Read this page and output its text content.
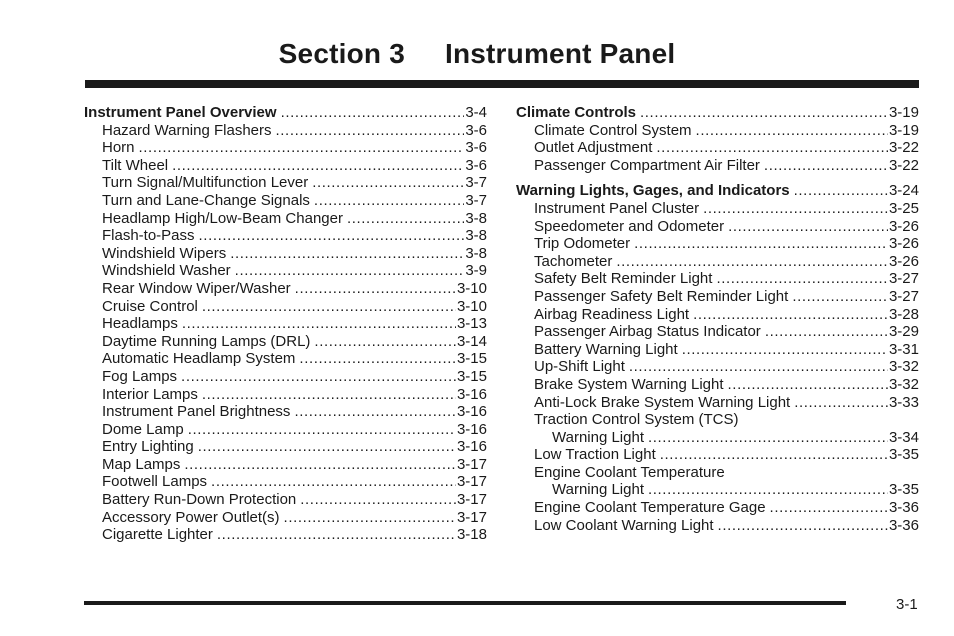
Section 3 Instrument Panel
Instrument Panel Overview .....	3-4
Hazard Warning Flashers .....	3-6
Horn .....	3-6
Tilt Wheel .....	3-6
Turn Signal/Multifunction Lever .....	3-7
Turn and Lane-Change Signals .....	3-7
Headlamp High/Low-Beam Changer .....	3-8
Flash-to-Pass .....	3-8
Windshield Wipers .....	3-8
Windshield Washer .....	3-9
Rear Window Wiper/Washer .....	3-10
Cruise Control .....	3-10
Headlamps .....	3-13
Daytime Running Lamps (DRL) .....	3-14
Automatic Headlamp System .....	3-15
Fog Lamps .....	3-15
Interior Lamps .....	3-16
Instrument Panel Brightness .....	3-16
Dome Lamp .....	3-16
Entry Lighting .....	3-16
Map Lamps .....	3-17
Footwell Lamps .....	3-17
Battery Run-Down Protection .....	3-17
Accessory Power Outlet(s) .....	3-17
Cigarette Lighter .....	3-18
Climate Controls .....	3-19
Climate Control System .....	3-19
Outlet Adjustment .....	3-22
Passenger Compartment Air Filter .....	3-22
Warning Lights, Gages, and Indicators .....	3-24
Instrument Panel Cluster .....	3-25
Speedometer and Odometer .....	3-26
Trip Odometer .....	3-26
Tachometer .....	3-26
Safety Belt Reminder Light .....	3-27
Passenger Safety Belt Reminder Light .....	3-27
Airbag Readiness Light .....	3-28
Passenger Airbag Status Indicator .....	3-29
Battery Warning Light .....	3-31
Up-Shift Light .....	3-32
Brake System Warning Light .....	3-32
Anti-Lock Brake System Warning Light .....	3-33
Traction Control System (TCS)
Warning Light .....	3-34
Low Traction Light .....	3-35
Engine Coolant Temperature
Warning Light .....	3-35
Engine Coolant Temperature Gage .....	3-36
Low Coolant Warning Light .....	3-36
3-1
